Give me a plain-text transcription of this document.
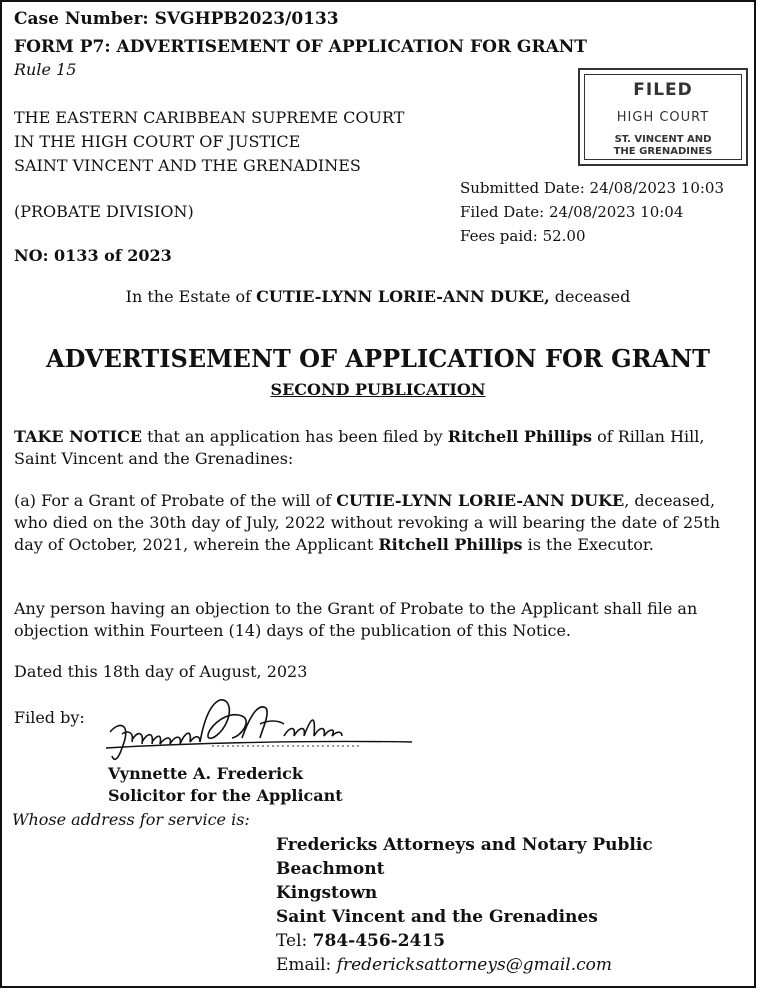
Case Number: SVGHPB2023/0133
FORM P7: ADVERTISEMENT OF APPLICATION FOR GRANT
Rule 15
THE EASTERN CARIBBEAN SUPREME COURT
IN THE HIGH COURT OF JUSTICE
SAINT VINCENT AND THE GRENADINES
(PROBATE DIVISION)
NO: 0133 of 2023
FILED
HIGH COURT
ST. VINCENT AND
THE GRENADINES
Submitted Date: 24/08/2023 10:03
Filed Date: 24/08/2023 10:04
Fees paid: 52.00
In the Estate of CUTIE-LYNN LORIE-ANN DUKE, deceased
ADVERTISEMENT OF APPLICATION FOR GRANT
SECOND PUBLICATION
TAKE NOTICE that an application has been filed by Ritchell Phillips of Rillan Hill, Saint Vincent and the Grenadines:
(a) For a Grant of Probate of the will of CUTIE-LYNN LORIE-ANN DUKE, deceased, who died on the 30th day of July, 2022 without revoking a will bearing the date of 25th day of October, 2021, wherein the Applicant Ritchell Phillips is the Executor.
Any person having an objection to the Grant of Probate to the Applicant shall file an objection within Fourteen (14) days of the publication of this Notice.
Dated this 18th day of August, 2023
Filed by:
Vynnette A. Frederick
Solicitor for the Applicant
Whose address for service is:
Fredericks Attorneys and Notary Public
Beachmont
Kingstown
Saint Vincent and the Grenadines
Tel: 784-456-2415
Email: fredericksattorneys@gmail.com
